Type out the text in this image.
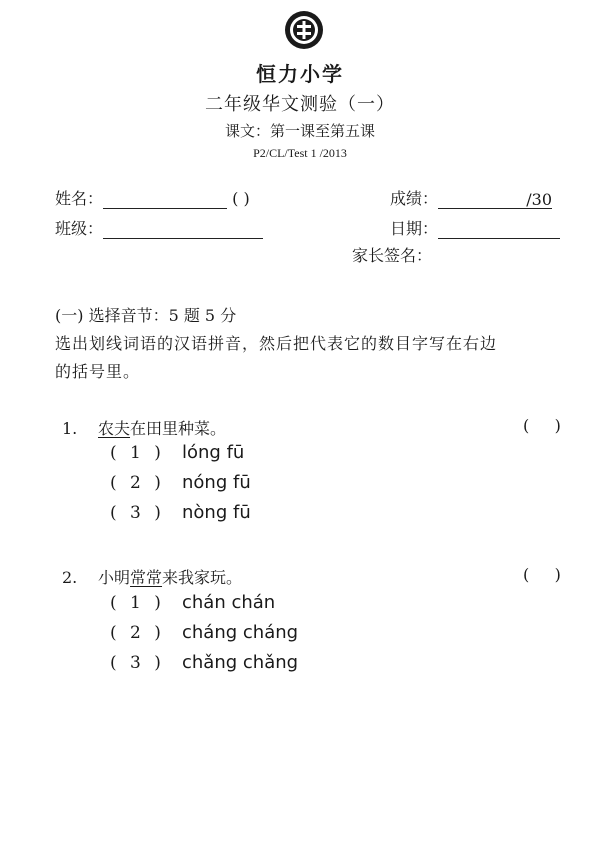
恒力小学
二年级华文测验（一）
课文：第一课至第五课
P2/CL/Test 1 /2013
姓名：	( )	成绩：	/30
班级：	日期：
家长签名：
(一) 选择音节：5 题 5 分
选出划线词语的汉语拼音，然后把代表它的数目字写在右边
的括号里。
1. 农夫在田里种菜。	(     )
( 1 ) lóng fū
( 2 ) nóng fū
( 3 ) nòng fū
2. 小明常常来我家玩。	(     )
( 1 ) chán chán
( 2 ) cháng cháng
( 3 ) chǎng chǎng
